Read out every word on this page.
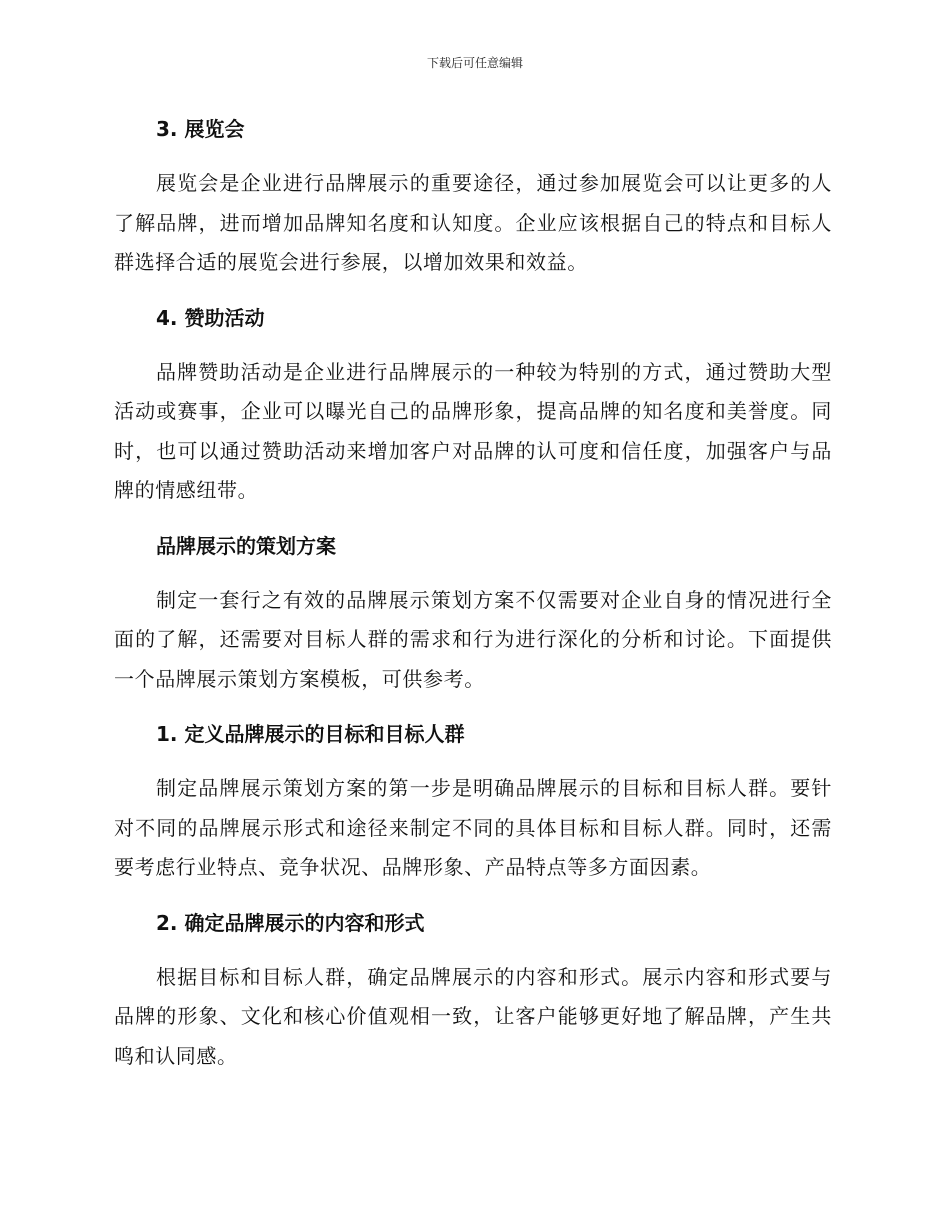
下载后可任意编辑
3. 展览会

展览会是企业进行品牌展示的重要途径，通过参加展览会可以让更多的人了解品牌，进而增加品牌知名度和认知度。企业应该根据自己的特点和目标人群选择合适的展览会进行参展，以增加效果和效益。

4. 赞助活动

品牌赞助活动是企业进行品牌展示的一种较为特别的方式，通过赞助大型活动或赛事，企业可以曝光自己的品牌形象，提高品牌的知名度和美誉度。同时，也可以通过赞助活动来增加客户对品牌的认可度和信任度，加强客户与品牌的情感纽带。

品牌展示的策划方案

制定一套行之有效的品牌展示策划方案不仅需要对企业自身的情况进行全面的了解，还需要对目标人群的需求和行为进行深化的分析和讨论。下面提供一个品牌展示策划方案模板，可供参考。

1. 定义品牌展示的目标和目标人群

制定品牌展示策划方案的第一步是明确品牌展示的目标和目标人群。要针对不同的品牌展示形式和途径来制定不同的具体目标和目标人群。同时，还需要考虑行业特点、竞争状况、品牌形象、产品特点等多方面因素。

2. 确定品牌展示的内容和形式

根据目标和目标人群，确定品牌展示的内容和形式。展示内容和形式要与品牌的形象、文化和核心价值观相一致，让客户能够更好地了解品牌，产生共鸣和认同感。
